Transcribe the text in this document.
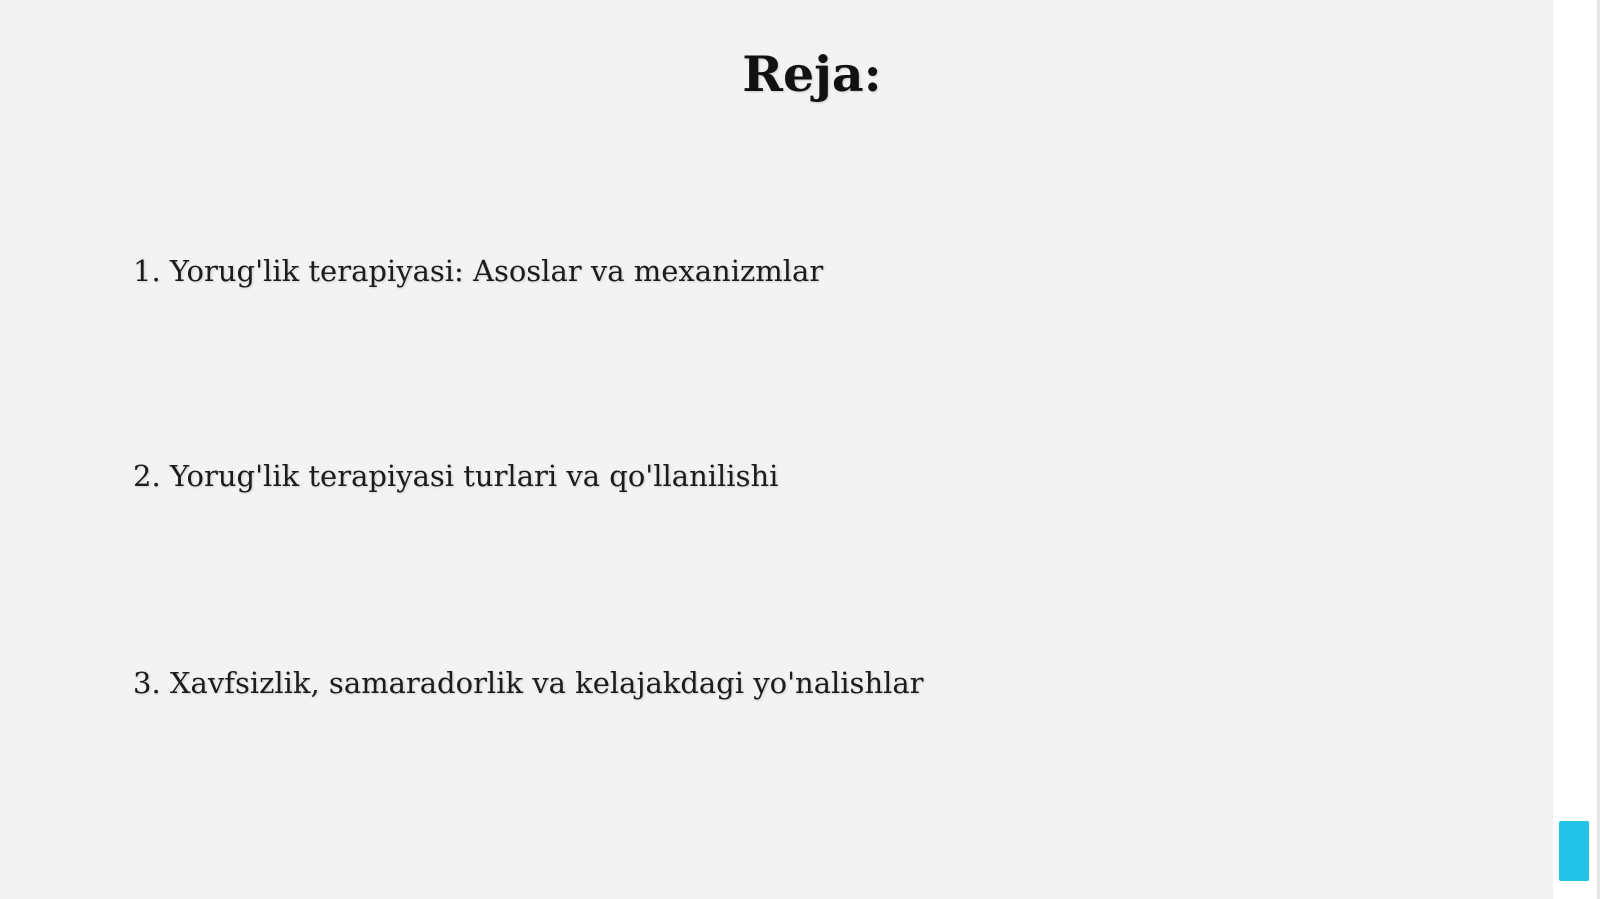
Reja:
1. Yorug'lik terapiyasi: Asoslar va mexanizmlar
2. Yorug'lik terapiyasi turlari va qo'llanilishi
3. Xavfsizlik, samaradorlik va kelajakdagi yo'nalishlar
